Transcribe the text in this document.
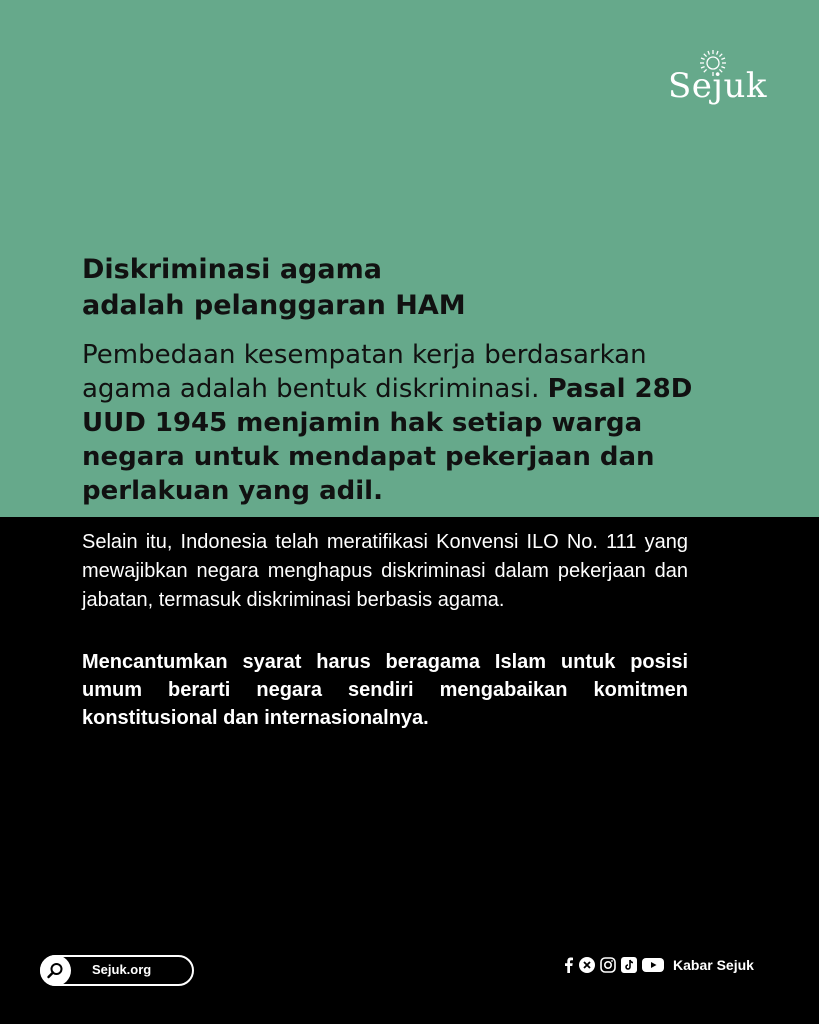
Sejuk
Diskriminasi agama
adalah pelanggaran HAM
Pembedaan kesempatan kerja berdasarkan agama adalah bentuk diskriminasi. Pasal 28D UUD 1945 menjamin hak setiap warga negara untuk mendapat pekerjaan dan perlakuan yang adil.
Selain itu, Indonesia telah meratifikasi Konvensi ILO No. 111 yang mewajibkan negara menghapus diskriminasi dalam pekerjaan dan jabatan, termasuk diskriminasi berbasis agama.
Mencantumkan syarat harus beragama Islam untuk posisi umum berarti negara sendiri mengabaikan komitmen konstitusional dan internasionalnya.
Sejuk.org	Kabar Sejuk
